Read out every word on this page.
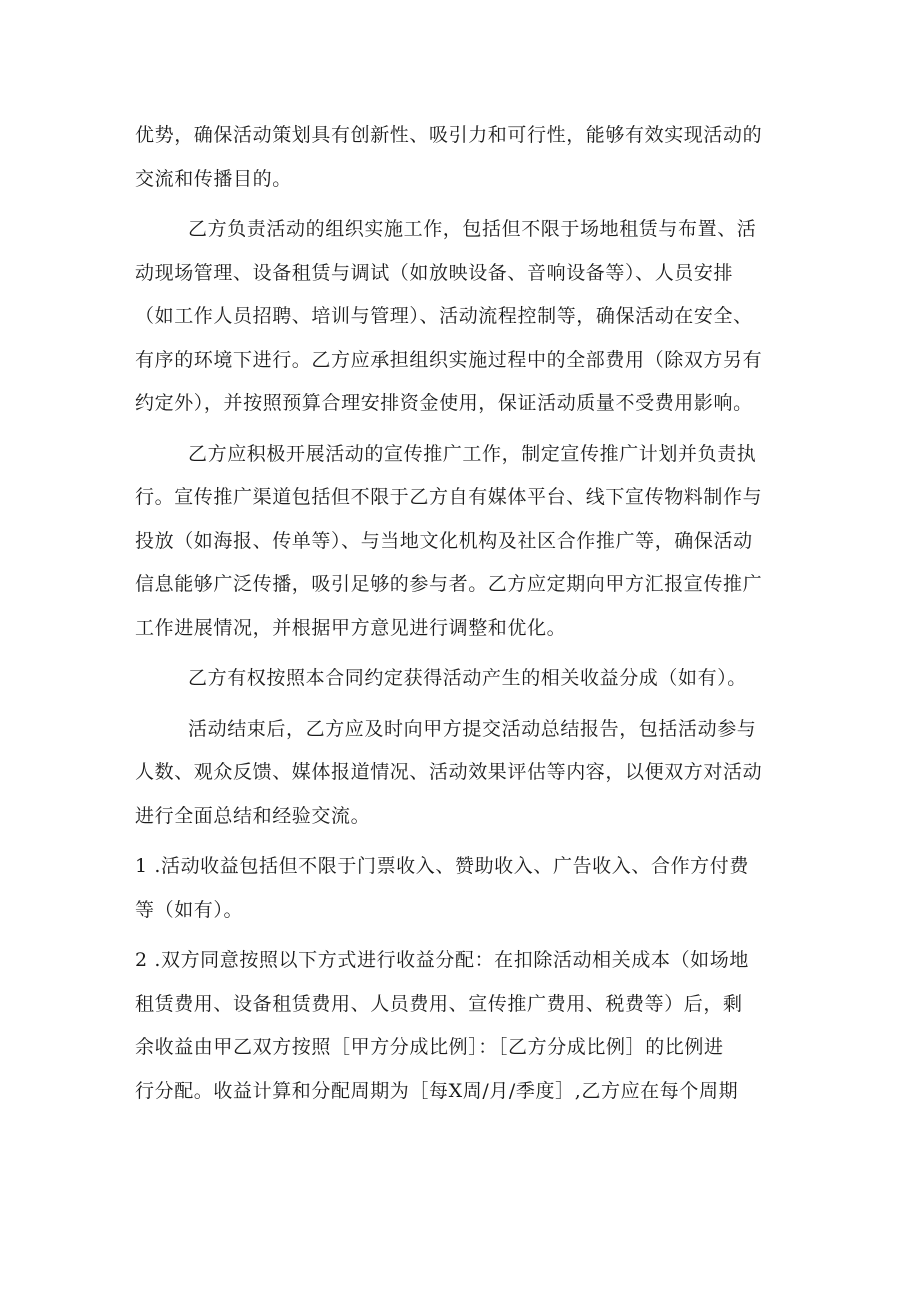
优势，确保活动策划具有创新性、吸引力和可行性，能够有效实现活动的
交流和传播目的。
乙方负责活动的组织实施工作，包括但不限于场地租赁与布置、活
动现场管理、设备租赁与调试（如放映设备、音响设备等）、人员安排
（如工作人员招聘、培训与管理）、活动流程控制等，确保活动在安全、
有序的环境下进行。乙方应承担组织实施过程中的全部费用（除双方另有
约定外），并按照预算合理安排资金使用，保证活动质量不受费用影响。
乙方应积极开展活动的宣传推广工作，制定宣传推广计划并负责执
行。宣传推广渠道包括但不限于乙方自有媒体平台、线下宣传物料制作与
投放（如海报、传单等）、与当地文化机构及社区合作推广等，确保活动
信息能够广泛传播，吸引足够的参与者。乙方应定期向甲方汇报宣传推广
工作进展情况，并根据甲方意见进行调整和优化。
乙方有权按照本合同约定获得活动产生的相关收益分成（如有）。
活动结束后，乙方应及时向甲方提交活动总结报告，包括活动参与
人数、观众反馈、媒体报道情况、活动效果评估等内容，以便双方对活动
进行全面总结和经验交流。
1 .活动收益包括但不限于门票收入、赞助收入、广告收入、合作方付费
等（如有）。
2 .双方同意按照以下方式进行收益分配：在扣除活动相关成本（如场地
租赁费用、设备租赁费用、人员费用、宣传推广费用、税费等）后，剩
余收益由甲乙双方按照［甲方分成比例］：［乙方分成比例］的比例进
行分配。收益计算和分配周期为［每X周/月/季度］,乙方应在每个周期
